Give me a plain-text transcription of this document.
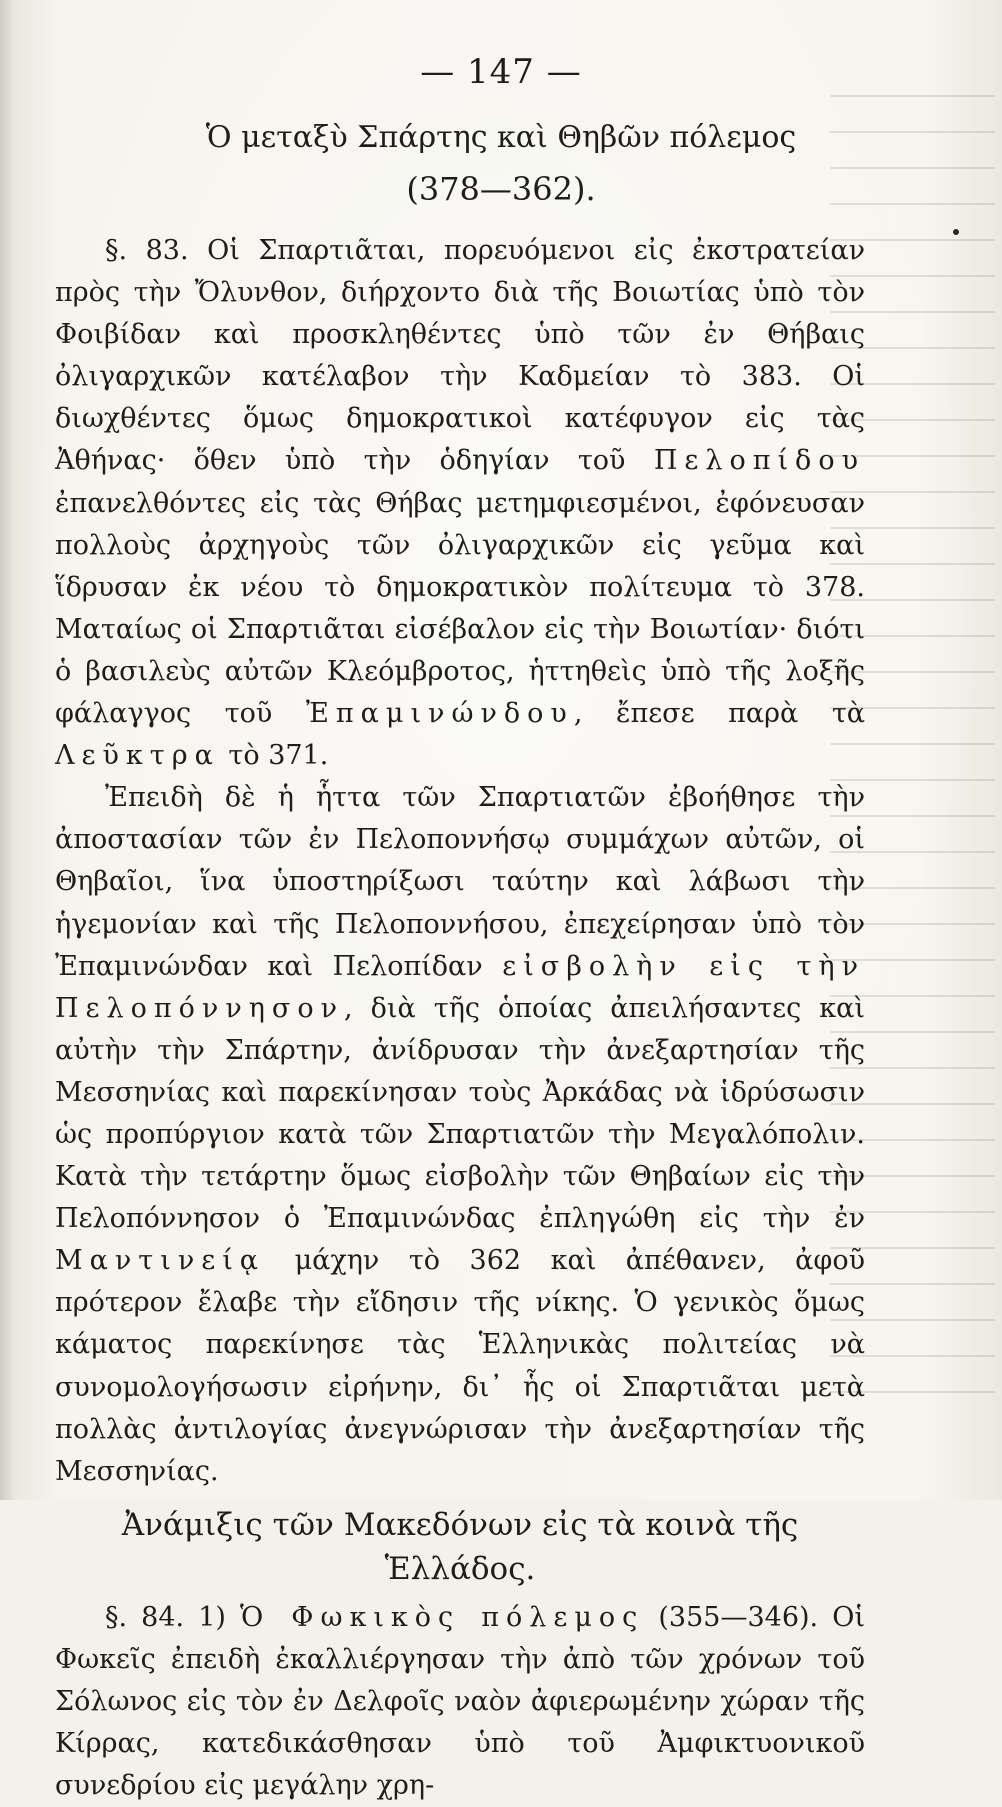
— 147 —
Ὁ μεταξὺ Σπάρτης καὶ Θηβῶν πόλεμος
(378—362).

§. 83. Οἱ Σπαρτιᾶται, πορευόμενοι εἰς ἐκστρατείαν πρὸς τὴν Ὄλυνθον, διήρχοντο διὰ τῆς Βοιωτίας ὑπὸ τὸν Φοιβίδαν καὶ προσκληθέντες ὑπὸ τῶν ἐν Θήβαις ὀλιγαρχικῶν κατέλαβον τὴν Καδμείαν τὸ 383. Οἱ διωχθέντες ὅμως δημοκρατικοὶ κατέφυγον εἰς τὰς Ἀθήνας· ὅθεν ὑπὸ τὴν ὁδηγίαν τοῦ Πελοπίδου ἐπανελθόντες εἰς τὰς Θήβας μετημφιεσμένοι, ἐφόνευσαν πολλοὺς ἀρχηγοὺς τῶν ὀλιγαρχικῶν εἰς γεῦμα καὶ ἵδρυσαν ἐκ νέου τὸ δημοκρατικὸν πολίτευμα τὸ 378. Ματαίως οἱ Σπαρτιᾶται εἰσέβαλον εἰς τὴν Βοιωτίαν· διότι ὁ βασιλεὺς αὐτῶν Κλεόμβροτος, ἡττηθεὶς ὑπὸ τῆς λοξῆς φάλαγγος τοῦ Ἐπαμινώνδου, ἔπεσε παρὰ τὰ Λεῦκτρα τὸ 371.

Ἐπειδὴ δὲ ἡ ἧττα τῶν Σπαρτιατῶν ἐβοήθησε τὴν ἀποστασίαν τῶν ἐν Πελοποννήσῳ συμμάχων αὐτῶν, οἱ Θηβαῖοι, ἵνα ὑποστηρίξωσι ταύτην καὶ λάβωσι τὴν ἡγεμονίαν καὶ τῆς Πελοποννήσου, ἐπεχείρησαν ὑπὸ τὸν Ἐπαμινώνδαν καὶ Πελοπίδαν εἰσβολὴν εἰς τὴν Πελοπόννησον, διὰ τῆς ὁποίας ἀπειλήσαντες καὶ αὐτὴν τὴν Σπάρτην, ἀνίδρυσαν τὴν ἀνεξαρτησίαν τῆς Μεσσηνίας καὶ παρεκίνησαν τοὺς Ἀρκάδας νὰ ἱδρύσωσιν ὡς προπύργιον κατὰ τῶν Σπαρτιατῶν τὴν Μεγαλόπολιν. Κατὰ τὴν τετάρτην ὅμως εἰσβολὴν τῶν Θηβαίων εἰς τὴν Πελοπόννησον ὁ Ἐπαμινώνδας ἐπληγώθη εἰς τὴν ἐν Μαντινείᾳ μάχην τὸ 362 καὶ ἀπέθανεν, ἀφοῦ πρότερον ἔλαβε τὴν εἴδησιν τῆς νίκης. Ὁ γενικὸς ὅμως κάματος παρεκίνησε τὰς Ἑλληνικὰς πολιτείας νὰ συνομολογήσωσιν εἰρήνην, δι᾽ ἧς οἱ Σπαρτιᾶται μετὰ πολλὰς ἀντιλογίας ἀνεγνώρισαν τὴν ἀνεξαρτησίαν τῆς Μεσσηνίας.

Ἀνάμιξις τῶν Μακεδόνων εἰς τὰ κοινὰ τῆς Ἑλλάδος.

§. 84. 1) Ὁ Φωκικὸς πόλεμος (355—346). Οἱ Φωκεῖς ἐπειδὴ ἐκαλλιέργησαν τὴν ἀπὸ τῶν χρόνων τοῦ Σόλωνος εἰς τὸν ἐν Δελφοῖς ναὸν ἀφιερωμένην χώραν τῆς Κίρρας, κατεδικάσθησαν ὑπὸ τοῦ Ἀμφικτυονικοῦ συνεδρίου εἰς μεγάλην χρη-
